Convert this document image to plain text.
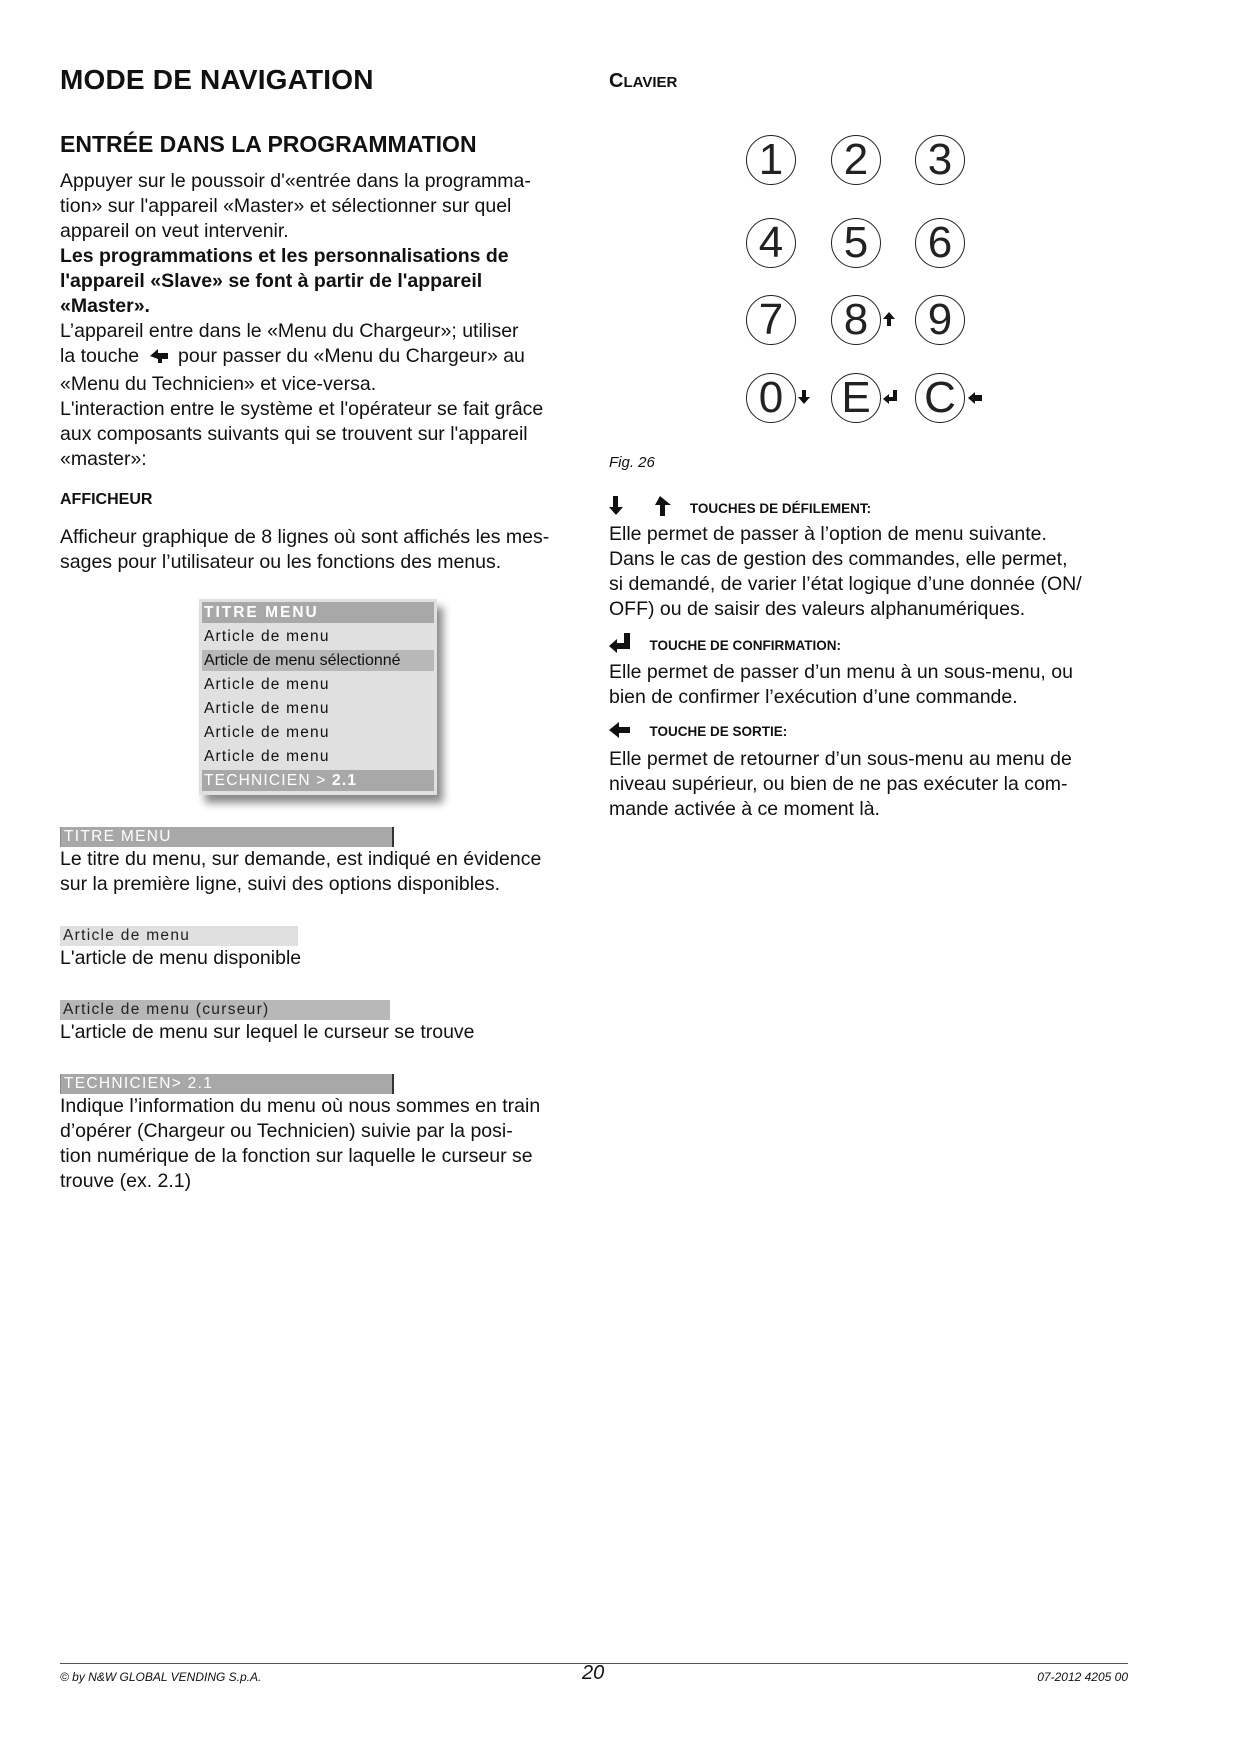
MODE DE NAVIGATION
ENTRÉE DANS LA PROGRAMMATION
Appuyer sur le poussoir d'«entrée dans la programma-
tion» sur l'appareil «Master» et sélectionner sur quel
appareil on veut intervenir.
Les programmations et les personnalisations de
l'appareil «Slave» se font à partir de l'appareil
«Master».
L’appareil entre dans le «Menu du Chargeur»; utiliser
la touche pour passer du «Menu du Chargeur» au
«Menu du Technicien» et vice-versa.
L'interaction entre le système et l'opérateur se fait grâce
aux composants suivants qui se trouvent sur l'appareil
«master»:
AFFICHEUR
Afficheur graphique de 8 lignes où sont affichés les mes-
sages pour l’utilisateur ou les fonctions des menus.
TITRE MENU
Article de menu
Article de menu sélectionné
Article de menu
Article de menu
Article de menu
Article de menu
TECHNICIEN > 2.1
TITRE MENU
Le titre du menu, sur demande, est indiqué en évidence
sur la première ligne, suivi des options disponibles.
Article de menu
L'article de menu disponible
Article de menu (curseur)
L'article de menu sur lequel le curseur se trouve
TECHNICIEN> 2.1
Indique l’information du menu où nous sommes en train
d’opérer (Chargeur ou Technicien) suivie par la posi-
tion numérique de la fonction sur laquelle le curseur se
trouve (ex. 2.1)
CLAVIER
1 2 3
4 5 6
7 8 9
0 E C
Fig. 26
TOUCHES DE DÉFILEMENT:
Elle permet de passer à l’option de menu suivante.
Dans le cas de gestion des commandes, elle permet,
si demandé, de varier l’état logique d’une donnée (ON/
OFF) ou de saisir des valeurs alphanumériques.
TOUCHE DE CONFIRMATION:
Elle permet de passer d’un menu à un sous-menu, ou
bien de confirmer l’exécution d’une commande.
TOUCHE DE SORTIE:
Elle permet de retourner d’un sous-menu au menu de
niveau supérieur, ou bien de ne pas exécuter la com-
mande activée à ce moment là.
© by N&W GLOBAL VENDING S.p.A.	20	07-2012 4205 00
